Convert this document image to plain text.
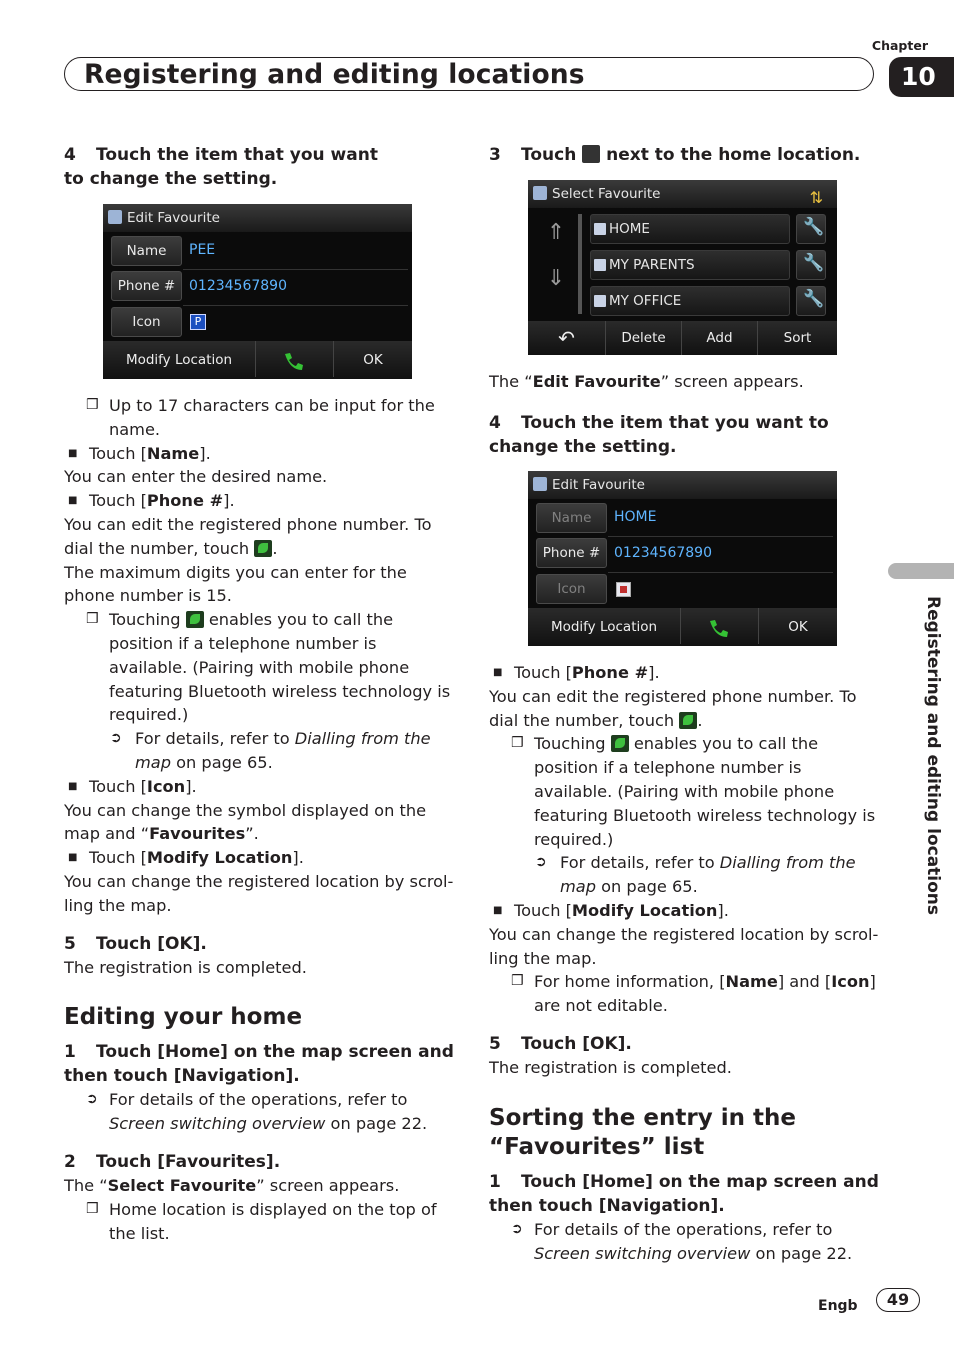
Chapter
Registering and editing locations	10
Registering and editing locations
4 Touch the item that you want to change the setting.
Edit Favourite
Name	PEE
Phone # 01234567890
Icon	P
Modify Location	OK
❒ Up to 17 characters can be input for the name.
■ Touch [Name].
You can enter the desired name.
■ Touch [Phone #].
You can edit the registered phone number. To dial the number, touch .
The maximum digits you can enter for the phone number is 15.
❒ Touching enables you to call the position if a telephone number is available. (Pairing with mobile phone featuring Bluetooth wireless technology is required.)
➲ For details, refer to Dialling from the map on page 65.
■ Touch [Icon].
You can change the symbol displayed on the map and “Favourites”.
■ Touch [Modify Location].
You can change the registered location by scrol-ling the map.
5 Touch [OK].
The registration is completed.
Editing your home
1 Touch [Home] on the map screen and then touch [Navigation].
➲ For details of the operations, refer to Screen switching overview on page 22.
2 Touch [Favourites].
The “Select Favourite” screen appears.
❒ Home location is displayed on the top of the list.
3 Touch next to the home location.
Select Favourite	⇅
⇑
⇓
HOME	🔧
MY PARENTS	🔧
MY OFFICE	🔧
↶	Delete	Add	Sort
The “Edit Favourite” screen appears.
4 Touch the item that you want to change the setting.
Edit Favourite
Name	HOME
Phone # 01234567890
Icon
Modify Location	OK
■ Touch [Phone #].
You can edit the registered phone number. To dial the number, touch .
❒ Touching enables you to call the position if a telephone number is available. (Pairing with mobile phone featuring Bluetooth wireless technology is required.)
➲ For details, refer to Dialling from the map on page 65.
■ Touch [Modify Location].
You can change the registered location by scrol-ling the map.
❒ For home information, [Name] and [Icon] are not editable.
5 Touch [OK].
The registration is completed.
Sorting the entry in the
“Favourites” list
1 Touch [Home] on the map screen and then touch [Navigation].
➲ For details of the operations, refer to Screen switching overview on page 22.
Engb	49
